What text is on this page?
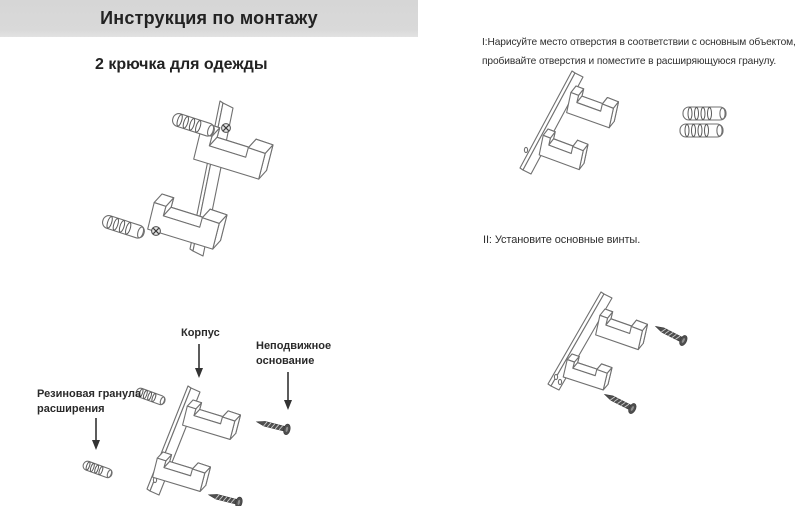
Инструкция по монтажу
2 крючка для одежды
Корпус
Неподвижное
основание
Резиновая гранула
расширения
I:Нарисуйте место отверстия в соответствии с основным объектом,
пробивайте отверстия и поместите в расширяющуюся гранулу.
II: Установите основные винты.
